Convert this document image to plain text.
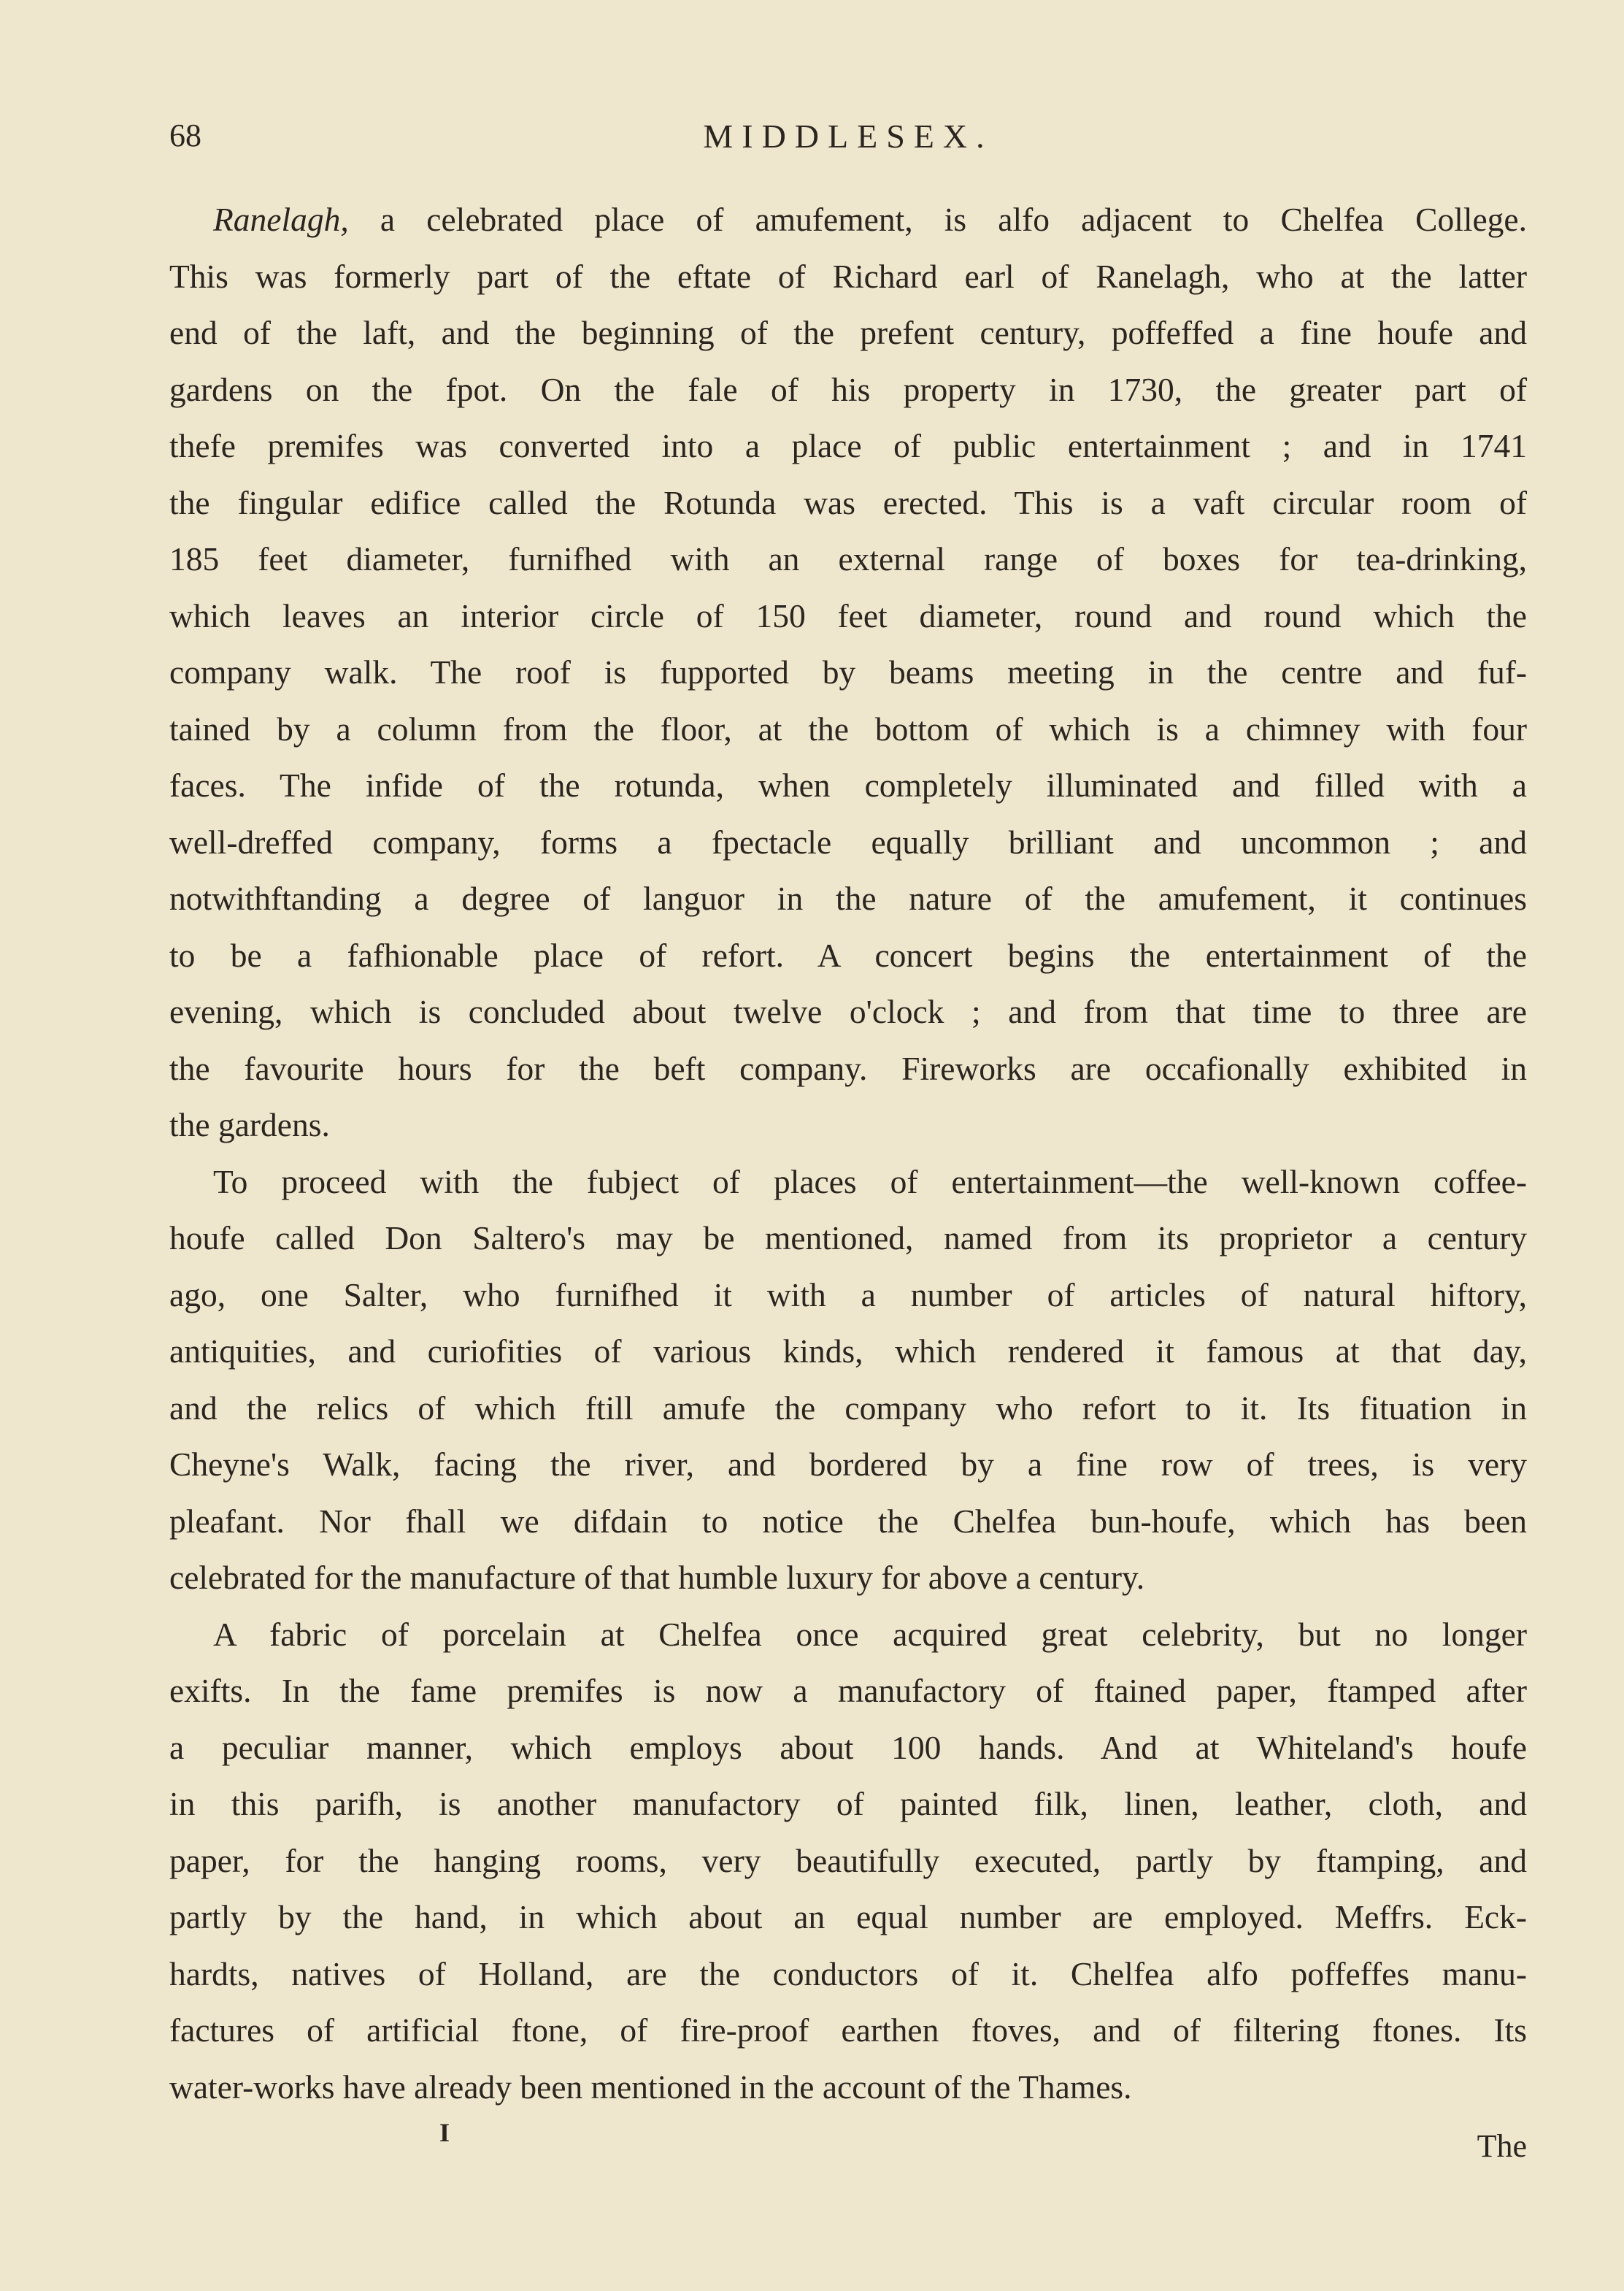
68	MIDDLESEX.
Ranelagh, a celebrated place of amufement, is alfo adjacent to Chelfea College.
This was formerly part of the eftate of Richard earl of Ranelagh, who at the latter
end of the laft, and the beginning of the prefent century, poffeffed a fine houfe and
gardens on the fpot. On the fale of his property in 1730, the greater part of
thefe premifes was converted into a place of public entertainment ; and in 1741
the fingular edifice called the Rotunda was erected. This is a vaft circular room of
185 feet diameter, furnifhed with an external range of boxes for tea-drinking,
which leaves an interior circle of 150 feet diameter, round and round which the
company walk. The roof is fupported by beams meeting in the centre and fuf-
tained by a column from the floor, at the bottom of which is a chimney with four
faces. The infide of the rotunda, when completely illuminated and filled with a
well-dreffed company, forms a fpectacle equally brilliant and uncommon ; and
notwithftanding a degree of languor in the nature of the amufement, it continues
to be a fafhionable place of refort. A concert begins the entertainment of the
evening, which is concluded about twelve o'clock ; and from that time to three are
the favourite hours for the beft company. Fireworks are occafionally exhibited in
the gardens.
To proceed with the fubject of places of entertainment—the well-known coffee-
houfe called Don Saltero's may be mentioned, named from its proprietor a century
ago, one Salter, who furnifhed it with a number of articles of natural hiftory,
antiquities, and curiofities of various kinds, which rendered it famous at that day,
and the relics of which ftill amufe the company who refort to it. Its fituation in
Cheyne's Walk, facing the river, and bordered by a fine row of trees, is very
pleafant. Nor fhall we difdain to notice the Chelfea bun-houfe, which has been
celebrated for the manufacture of that humble luxury for above a century.
A fabric of porcelain at Chelfea once acquired great celebrity, but no longer
exifts. In the fame premifes is now a manufactory of ftained paper, ftamped after
a peculiar manner, which employs about 100 hands. And at Whiteland's houfe
in this parifh, is another manufactory of painted filk, linen, leather, cloth, and
paper, for the hanging rooms, very beautifully executed, partly by ftamping, and
partly by the hand, in which about an equal number are employed. Meffrs. Eck-
hardts, natives of Holland, are the conductors of it. Chelfea alfo poffeffes manu-
factures of artificial ftone, of fire-proof earthen ftoves, and of filtering ftones. Its
water-works have already been mentioned in the account of the Thames.
I	The
